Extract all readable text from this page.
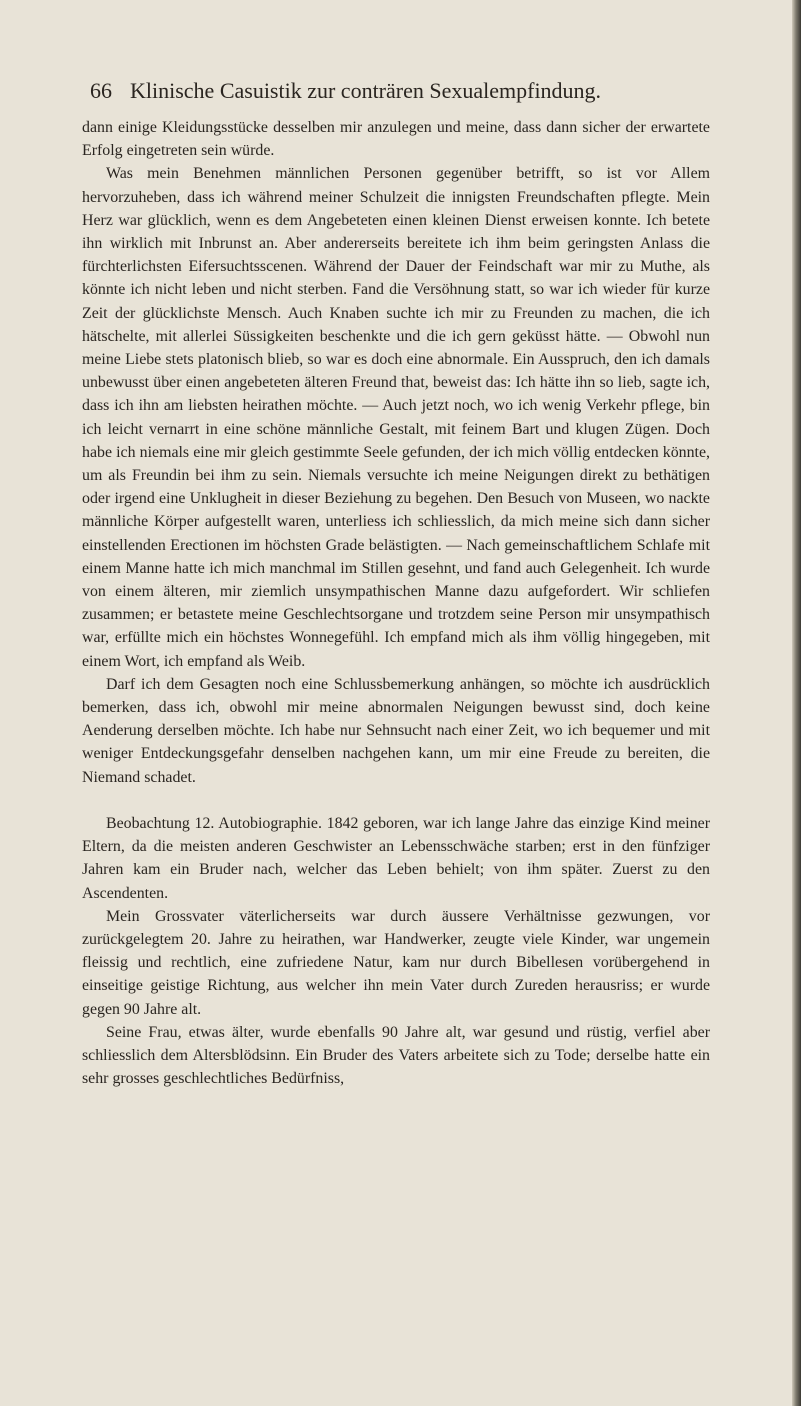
66 Klinische Casuistik zur conträren Sexualempfindung.

dann einige Kleidungsstücke desselben mir anzulegen und meine, dass dann sicher der erwartete Erfolg eingetreten sein würde.

Was mein Benehmen männlichen Personen gegenüber betrifft, so ist vor Allem hervorzuheben, dass ich während meiner Schulzeit die innigsten Freundschaften pflegte. Mein Herz war glücklich, wenn es dem Angebeteten einen kleinen Dienst erweisen konnte. Ich betete ihn wirklich mit Inbrunst an. Aber andererseits bereitete ich ihm beim geringsten Anlass die fürchterlichsten Eifersuchtsscenen. Während der Dauer der Feindschaft war mir zu Muthe, als könnte ich nicht leben und nicht sterben. Fand die Versöhnung statt, so war ich wieder für kurze Zeit der glücklichste Mensch. Auch Knaben suchte ich mir zu Freunden zu machen, die ich hätschelte, mit allerlei Süssigkeiten beschenkte und die ich gern geküsst hätte. — Obwohl nun meine Liebe stets platonisch blieb, so war es doch eine abnormale. Ein Ausspruch, den ich damals unbewusst über einen angebeteten älteren Freund that, beweist das: Ich hätte ihn so lieb, sagte ich, dass ich ihn am liebsten heirathen möchte. — Auch jetzt noch, wo ich wenig Verkehr pflege, bin ich leicht vernarrt in eine schöne männliche Gestalt, mit feinem Bart und klugen Zügen. Doch habe ich niemals eine mir gleich gestimmte Seele gefunden, der ich mich völlig entdecken könnte, um als Freundin bei ihm zu sein. Niemals versuchte ich meine Neigungen direkt zu bethätigen oder irgend eine Unklugheit in dieser Beziehung zu begehen. Den Besuch von Museen, wo nackte männliche Körper aufgestellt waren, unterliess ich schliesslich, da mich meine sich dann sicher einstellenden Erectionen im höchsten Grade belästigten. — Nach gemeinschaftlichem Schlafe mit einem Manne hatte ich mich manchmal im Stillen gesehnt, und fand auch Gelegenheit. Ich wurde von einem älteren, mir ziemlich unsympathischen Manne dazu aufgefordert. Wir schliefen zusammen; er betastete meine Geschlechtsorgane und trotzdem seine Person mir unsympathisch war, erfüllte mich ein höchstes Wonnegefühl. Ich empfand mich als ihm völlig hingegeben, mit einem Wort, ich empfand als Weib.

Darf ich dem Gesagten noch eine Schlussbemerkung anhängen, so möchte ich ausdrücklich bemerken, dass ich, obwohl mir meine abnormalen Neigungen bewusst sind, doch keine Aenderung derselben möchte. Ich habe nur Sehnsucht nach einer Zeit, wo ich bequemer und mit weniger Entdeckungsgefahr denselben nachgehen kann, um mir eine Freude zu bereiten, die Niemand schadet.

Beobachtung 12. Autobiographie. 1842 geboren, war ich lange Jahre das einzige Kind meiner Eltern, da die meisten anderen Geschwister an Lebensschwäche starben; erst in den fünfziger Jahren kam ein Bruder nach, welcher das Leben behielt; von ihm später. Zuerst zu den Ascendenten.

Mein Grossvater väterlicherseits war durch äussere Verhältnisse gezwungen, vor zurückgelegtem 20. Jahre zu heirathen, war Handwerker, zeugte viele Kinder, war ungemein fleissig und rechtlich, eine zufriedene Natur, kam nur durch Bibellesen vorübergehend in einseitige geistige Richtung, aus welcher ihn mein Vater durch Zureden herausriss; er wurde gegen 90 Jahre alt.

Seine Frau, etwas älter, wurde ebenfalls 90 Jahre alt, war gesund und rüstig, verfiel aber schliesslich dem Altersblödsinn. Ein Bruder des Vaters arbeitete sich zu Tode; derselbe hatte ein sehr grosses geschlechtliches Bedürfniss,
